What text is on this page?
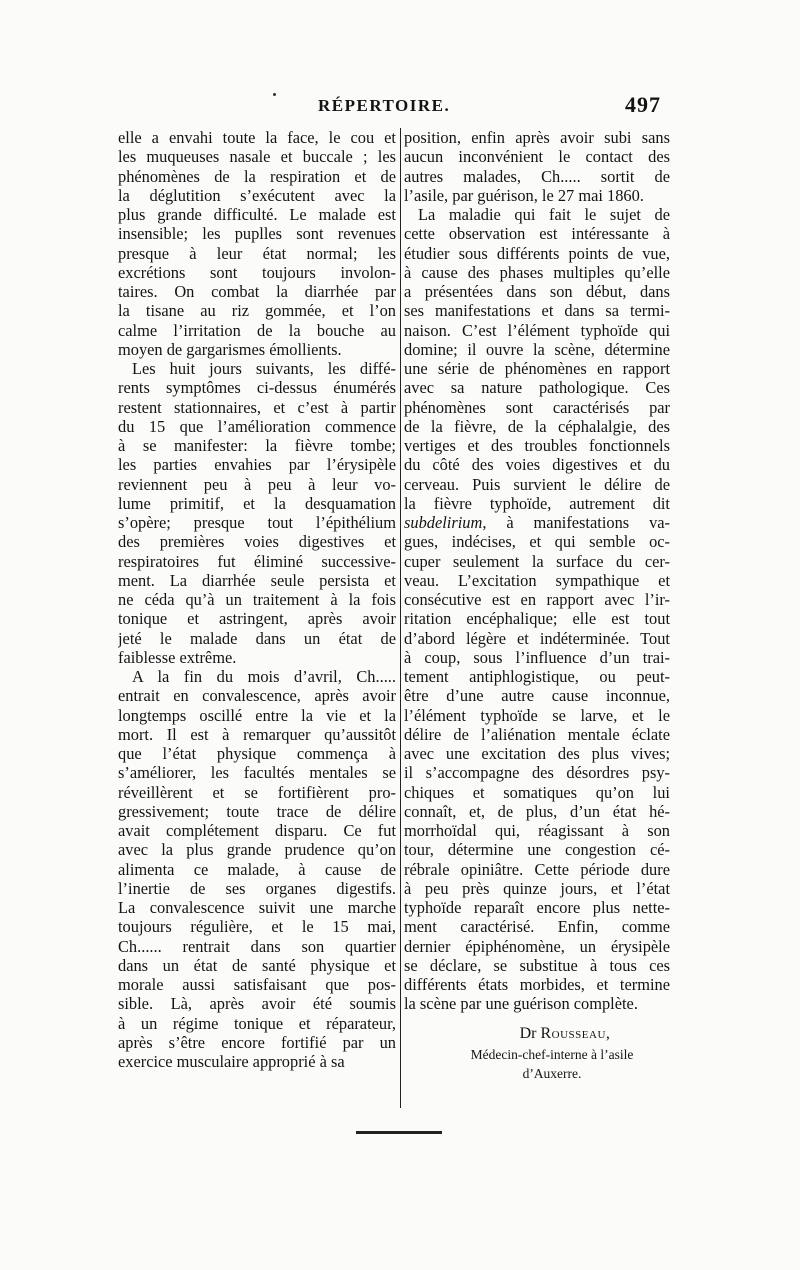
RÉPERTOIRE.	497
elle a envahi toute la face, le cou et
les muqueuses nasale et buccale ; les
phénomènes de la respiration et de
la déglutition s’exécutent avec la
plus grande difficulté. Le malade est
insensible; les puplles sont revenues
presque à leur état normal; les
excrétions sont toujours involon-
taires. On combat la diarrhée par
la tisane au riz gommée, et l’on
calme l’irritation de la bouche au
moyen de gargarismes émollients.
Les huit jours suivants, les diffé-
rents symptômes ci-dessus énumérés
restent stationnaires, et c’est à partir
du 15 que l’amélioration commence
à se manifester: la fièvre tombe;
les parties envahies par l’érysipèle
reviennent peu à peu à leur vo-
lume primitif, et la desquamation
s’opère; presque tout l’épithélium
des premières voies digestives et
respiratoires fut éliminé successive-
ment. La diarrhée seule persista et
ne céda qu’à un traitement à la fois
tonique et astringent, après avoir
jeté le malade dans un état de
faiblesse extrême.
A la fin du mois d’avril, Ch.....
entrait en convalescence, après avoir
longtemps oscillé entre la vie et la
mort. Il est à remarquer qu’aussitôt
que l’état physique commença à
s’améliorer, les facultés mentales se
réveillèrent et se fortifièrent pro-
gressivement; toute trace de délire
avait complétement disparu. Ce fut
avec la plus grande prudence qu’on
alimenta ce malade, à cause de
l’inertie de ses organes digestifs.
La convalescence suivit une marche
toujours régulière, et le 15 mai,
Ch...... rentrait dans son quartier
dans un état de santé physique et
morale aussi satisfaisant que pos-
sible. Là, après avoir été soumis
à un régime tonique et réparateur,
après s’être encore fortifié par un
exercice musculaire approprié à sa
position, enfin après avoir subi sans
aucun inconvénient le contact des
autres malades, Ch..... sortit de
l’asile, par guérison, le 27 mai 1860.
La maladie qui fait le sujet de
cette observation est intéressante à
étudier sous différents points de vue,
à cause des phases multiples qu’elle
a présentées dans son début, dans
ses manifestations et dans sa termi-
naison. C’est l’élément typhoïde qui
domine; il ouvre la scène, détermine
une série de phénomènes en rapport
avec sa nature pathologique. Ces
phénomènes sont caractérisés par
de la fièvre, de la céphalalgie, des
vertiges et des troubles fonctionnels
du côté des voies digestives et du
cerveau. Puis survient le délire de
la fièvre typhoïde, autrement dit
subdelirium, à manifestations va-
gues, indécises, et qui semble oc-
cuper seulement la surface du cer-
veau. L’excitation sympathique et
consécutive est en rapport avec l’ir-
ritation encéphalique; elle est tout
d’abord légère et indéterminée. Tout
à coup, sous l’influence d’un trai-
tement antiphlogistique, ou peut-
être d’une autre cause inconnue,
l’élément typhoïde se larve, et le
délire de l’aliénation mentale éclate
avec une excitation des plus vives;
il s’accompagne des désordres psy-
chiques et somatiques qu’on lui
connaît, et, de plus, d’un état hé-
morrhoïdal qui, réagissant à son
tour, détermine une congestion cé-
rébrale opiniâtre. Cette période dure
à peu près quinze jours, et l’état
typhoïde reparaît encore plus nette-
ment caractérisé. Enfin, comme
dernier épiphénomène, un érysipèle
se déclare, se substitue à tous ces
différents états morbides, et termine
la scène par une guérison complète.
Dr Rousseau,
Médecin-chef-interne à l’asile
d’Auxerre.
